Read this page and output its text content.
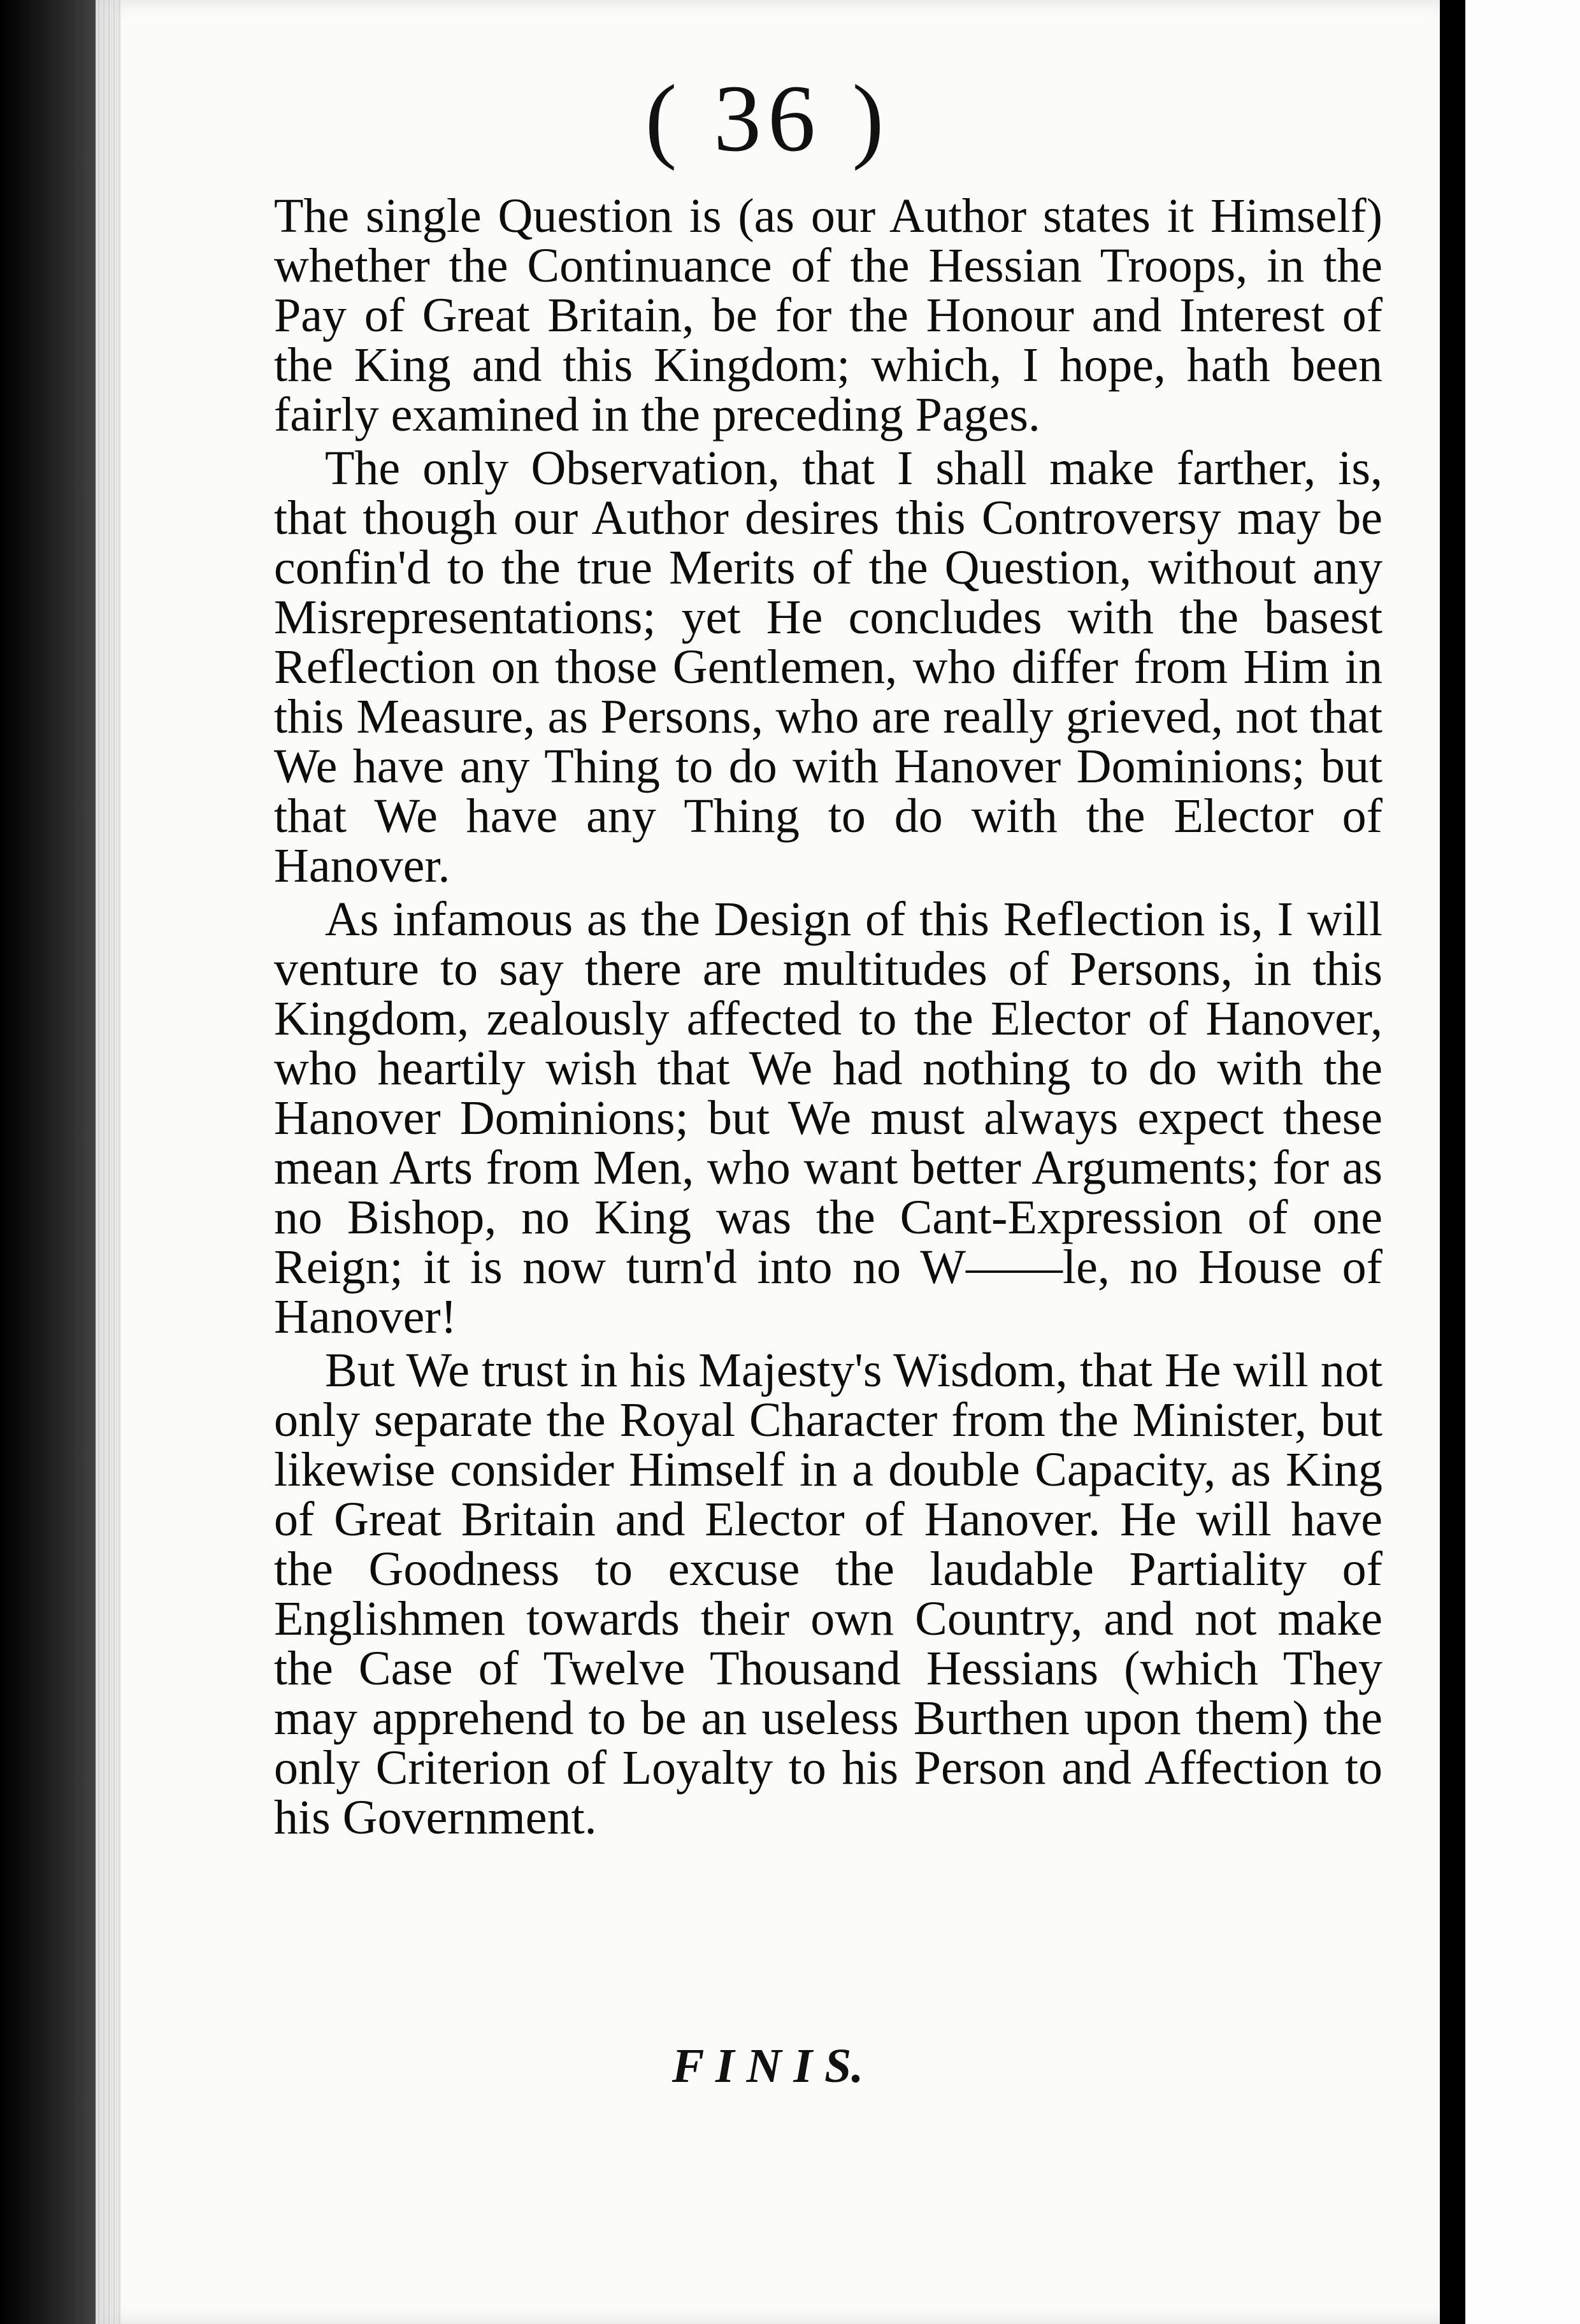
( 36 )

The single Question is (as our Author states it Himself) whether the Continuance of the Hessian Troops, in the Pay of Great Britain, be for the Honour and Interest of the King and this Kingdom; which, I hope, hath been fairly examined in the preceding Pages.

The only Observation, that I shall make farther, is, that though our Author desires this Controversy may be confin'd to the true Merits of the Question, without any Misrepresentations; yet He concludes with the basest Reflection on those Gentlemen, who differ from Him in this Measure, as Persons, who are really grieved, not that We have any Thing to do with Hanover Dominions; but that We have any Thing to do with the Elector of Hanover.

As infamous as the Design of this Reflection is, I will venture to say there are multitudes of Persons, in this Kingdom, zealously affected to the Elector of Hanover, who heartily wish that We had nothing to do with the Hanover Dominions; but We must always expect these mean Arts from Men, who want better Arguments; for as no Bishop, no King was the Cant-Expression of one Reign; it is now turn'd into no W——le, no House of Hanover!

But We trust in his Majesty's Wisdom, that He will not only separate the Royal Character from the Minister, but likewise consider Himself in a double Capacity, as King of Great Britain and Elector of Hanover. He will have the Goodness to excuse the laudable Partiality of Englishmen towards their own Country, and not make the Case of Twelve Thousand Hessians (which They may apprehend to be an useless Burthen upon them) the only Criterion of Loyalty to his Person and Affection to his Government.

F I N I S.
